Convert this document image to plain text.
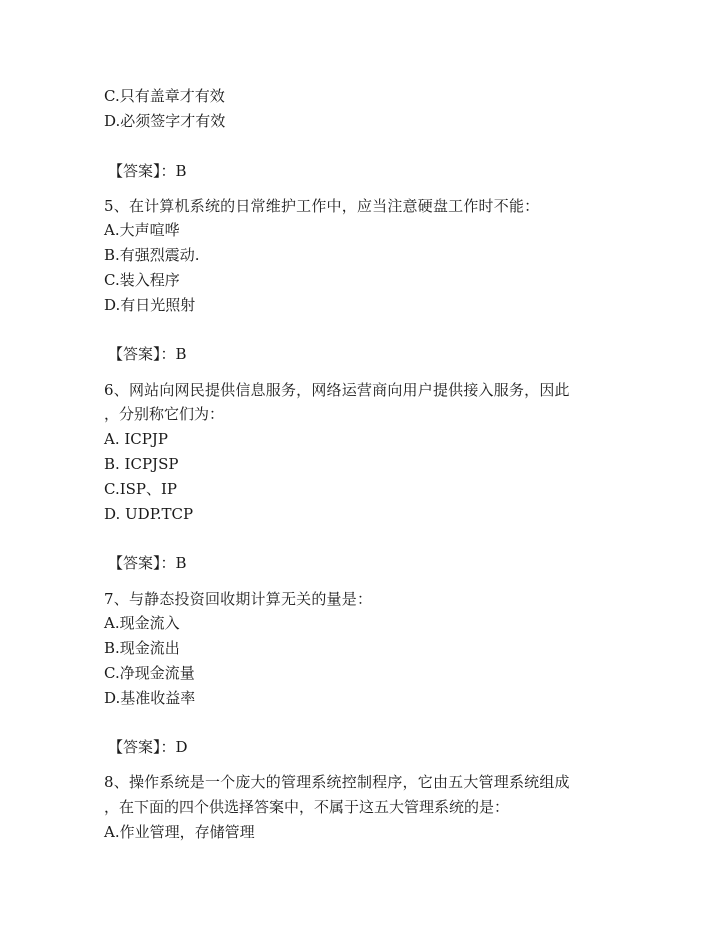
C.只有盖章才有效
D.必须签字才有效
【答案】：B
5、在计算机系统的日常维护工作中，应当注意硬盘工作时不能：
A.大声喧哗
B.有强烈震动.
C.装入程序
D.有日光照射
【答案】：B
6、网站向网民提供信息服务，网络运营商向用户提供接入服务，因此
，分别称它们为：
A. ICPJP
B. ICPJSP
C.ISP、IP
D. UDP.TCP
【答案】：B
7、与静态投资回收期计算无关的量是：
A.现金流入
B.现金流出
C.净现金流量
D.基准收益率
【答案】：D
8、操作系统是一个庞大的管理系统控制程序，它由五大管理系统组成
，在下面的四个供选择答案中，不属于这五大管理系统的是：
A.作业管理，存储管理
